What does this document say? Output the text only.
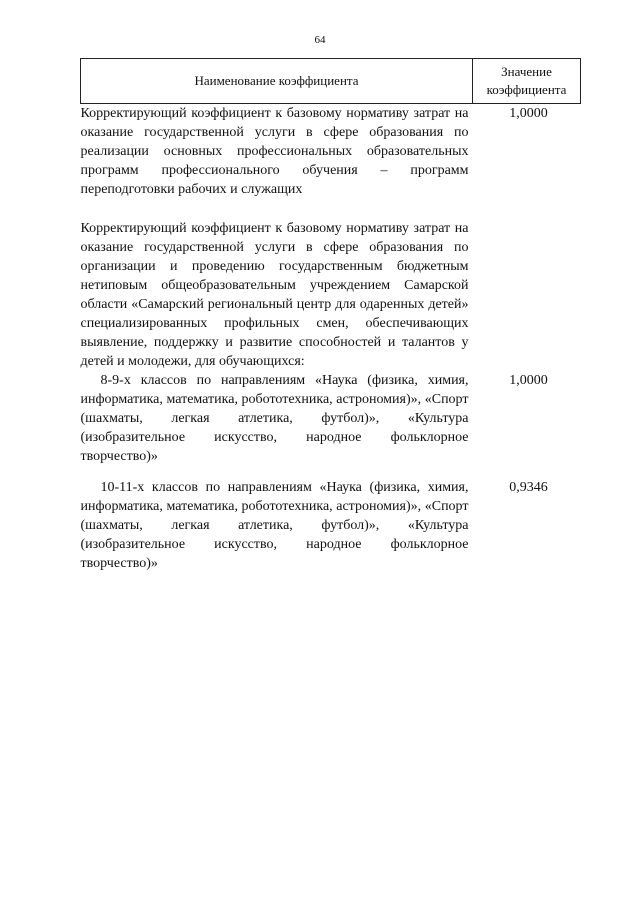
64
Наименование коэффициента	Значение
коэффициента
Корректирующий коэффициент к базовому нормативу затрат на оказание государственной услуги в сфере образования по реализации основных профессиональных образовательных программ профессионального обучения – программ переподготовки рабочих и служащих	1,0000

Корректирующий коэффициент к базовому нормативу затрат на оказание государственной услуги в сфере образования по организации и проведению государственным бюджетным нетиповым общеобразовательным учреждением Самарской области «Самарский региональный центр для одаренных детей» специализированных профильных смен, обеспечивающих выявление, поддержку и развитие способностей и талантов у детей и молодежи, для обучающихся:	
8-9-х классов по направлениям «Наука (физика, химия, информатика, математика, робототехника, астрономия)», «Спорт (шахматы, легкая атлетика, футбол)», «Культура (изобразительное искусство, народное фольклорное творчество)»	1,0000

10-11-х классов по направлениям «Наука (физика, химия, информатика, математика, робототехника, астрономия)», «Спорт (шахматы, легкая атлетика, футбол)», «Культура (изобразительное искусство, народное фольклорное творчество)»	0,9346
